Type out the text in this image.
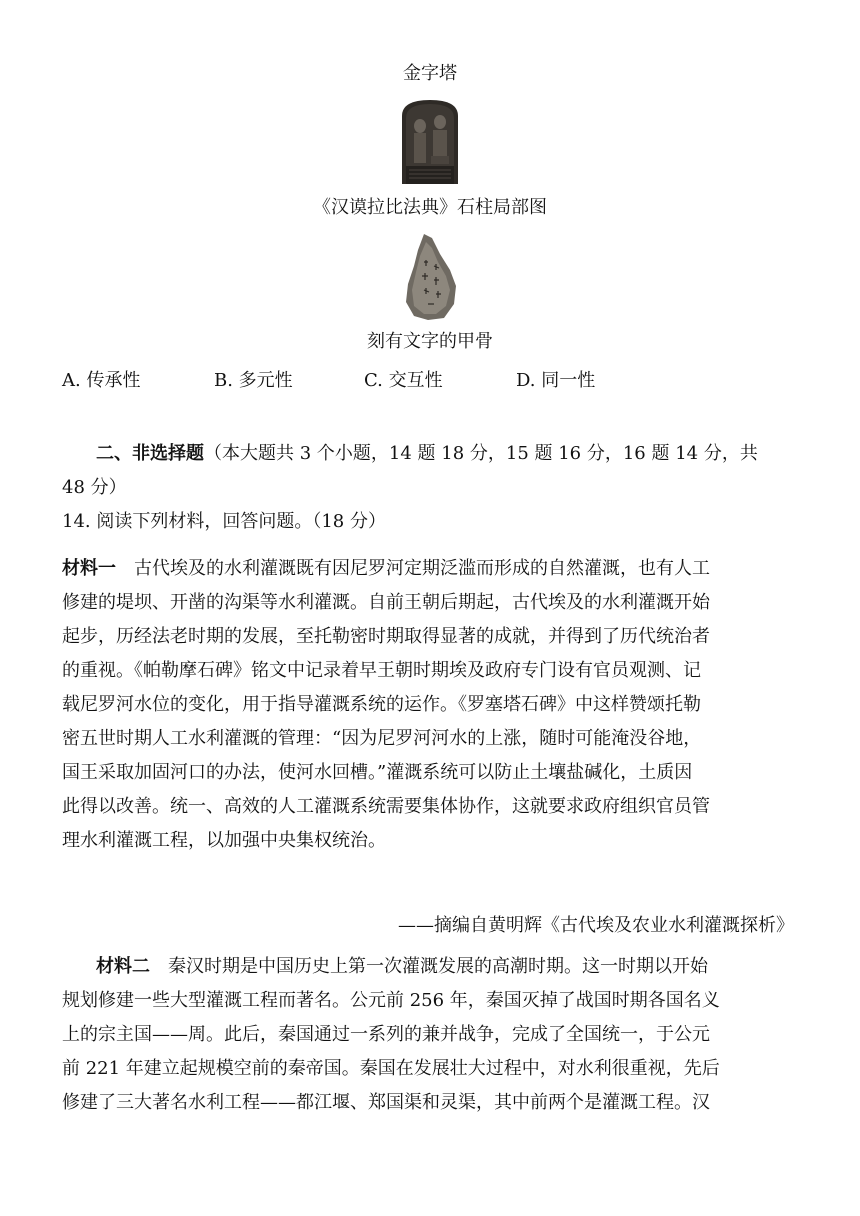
金字塔
《汉谟拉比法典》石柱局部图
刻有文字的甲骨
A. 传承性	B. 多元性	C. 交互性	D. 同一性
二、非选择题（本大题共 3 个小题，14 题 18 分，15 题 16 分，16 题 14 分，共
48 分）
14. 阅读下列材料，回答问题。（18 分）
材料一　古代埃及的水利灌溉既有因尼罗河定期泛滥而形成的自然灌溉，也有人工
修建的堤坝、开凿的沟渠等水利灌溉。自前王朝后期起，古代埃及的水利灌溉开始
起步，历经法老时期的发展，至托勒密时期取得显著的成就，并得到了历代统治者
的重视。《帕勒摩石碑》铭文中记录着早王朝时期埃及政府专门设有官员观测、记
载尼罗河水位的变化，用于指导灌溉系统的运作。《罗塞塔石碑》中这样赞颂托勒
密五世时期人工水利灌溉的管理：“因为尼罗河河水的上涨，随时可能淹没谷地，
国王采取加固河口的办法，使河水回槽。”灌溉系统可以防止土壤盐碱化，土质因
此得以改善。统一、高效的人工灌溉系统需要集体协作，这就要求政府组织官员管
理水利灌溉工程，以加强中央集权统治。
——摘编自黄明辉《古代埃及农业水利灌溉探析》
材料二　秦汉时期是中国历史上第一次灌溉发展的高潮时期。这一时期以开始
规划修建一些大型灌溉工程而著名。公元前 256 年，秦国灭掉了战国时期各国名义
上的宗主国——周。此后，秦国通过一系列的兼并战争，完成了全国统一，于公元
前 221 年建立起规模空前的秦帝国。秦国在发展壮大过程中，对水利很重视，先后
修建了三大著名水利工程——都江堰、郑国渠和灵渠，其中前两个是灌溉工程。汉
